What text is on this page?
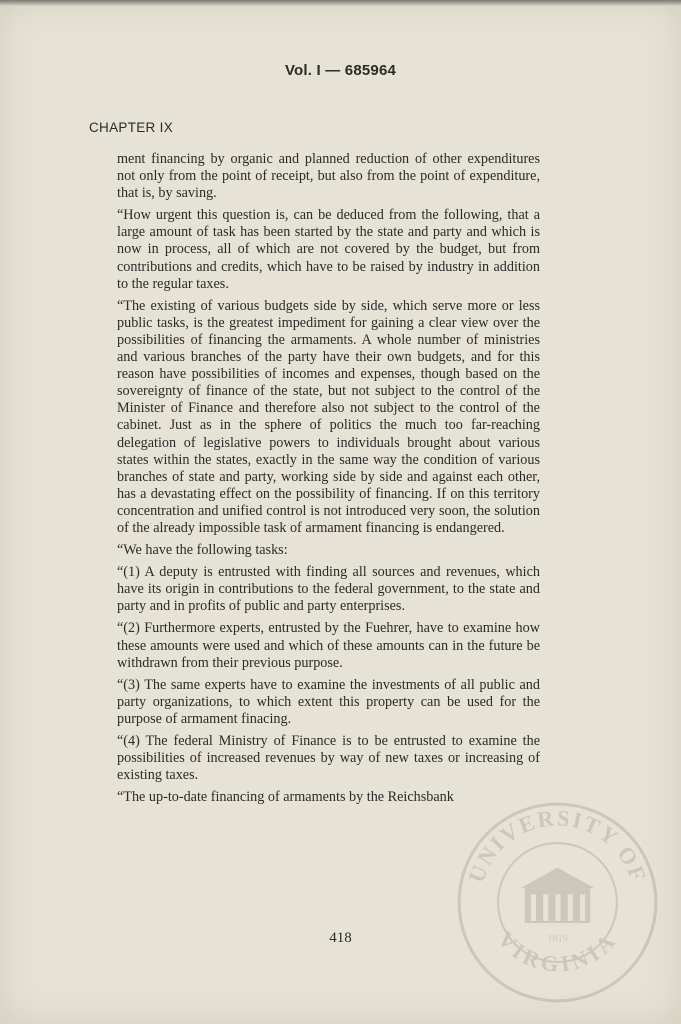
Vol. I — 685964
CHAPTER IX

ment financing by organic and planned reduction of other expenditures not only from the point of receipt, but also from the point of expenditure, that is, by saving.

“How urgent this question is, can be deduced from the following, that a large amount of task has been started by the state and party and which is now in process, all of which are not covered by the budget, but from contributions and credits, which have to be raised by industry in addition to the regular taxes.

“The existing of various budgets side by side, which serve more or less public tasks, is the greatest impediment for gaining a clear view over the possibilities of financing the armaments. A whole number of ministries and various branches of the party have their own budgets, and for this reason have possibilities of incomes and expenses, though based on the sovereignty of finance of the state, but not subject to the control of the Minister of Finance and therefore also not subject to the control of the cabinet. Just as in the sphere of politics the much too far-reaching delegation of legislative powers to individuals brought about various states within the states, exactly in the same way the condition of various branches of state and party, working side by side and against each other, has a devastating effect on the possibility of financing. If on this territory concentration and unified control is not introduced very soon, the solution of the already impossible task of armament financing is endangered.

“We have the following tasks:

“(1) A deputy is entrusted with finding all sources and revenues, which have its origin in contributions to the federal government, to the state and party and in profits of public and party enterprises.

“(2) Furthermore experts, entrusted by the Fuehrer, have to examine how these amounts were used and which of these amounts can in the future be withdrawn from their previous purpose.

“(3) The same experts have to examine the investments of all public and party organizations, to which extent this property can be used for the purpose of armament finacing.

“(4) The federal Ministry of Finance is to be entrusted to examine the possibilities of increased revenues by way of new taxes or increasing of existing taxes.

“The up-to-date financing of armaments by the Reichsbank

418
UNIVERSITY OF
VIRGINIA
1819
